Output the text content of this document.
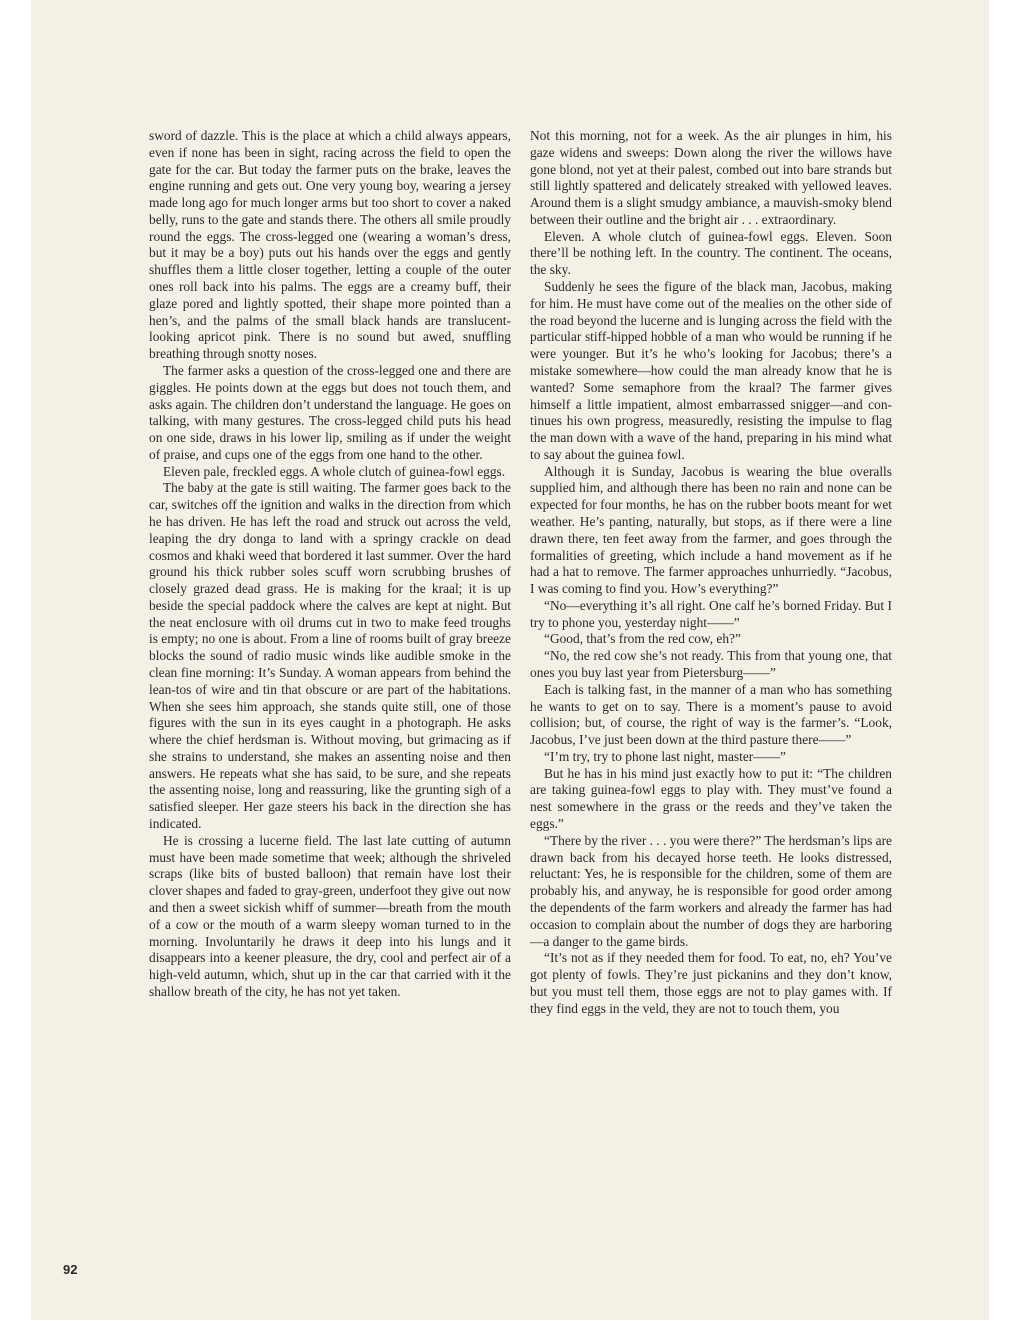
sword of dazzle. This is the place at which a child always appears, even if none has been in sight, racing across the field to open the gate for the car. But today the farmer puts on the brake, leaves the engine running and gets out. One very young boy, wearing a jersey made long ago for much longer arms but too short to cover a naked belly, runs to the gate and stands there. The others all smile proudly round the eggs. The cross-legged one (wearing a woman’s dress, but it may be a boy) puts out his hands over the eggs and gently shuffles them a little closer together, letting a couple of the outer ones roll back into his palms. The eggs are a creamy buff, their glaze pored and lightly spotted, their shape more pointed than a hen’s, and the palms of the small black hands are translucent-looking apricot pink. There is no sound but awed, snuffling breathing through snotty noses.

The farmer asks a question of the cross-legged one and there are giggles. He points down at the eggs but does not touch them, and asks again. The children don’t understand the language. He goes on talking, with many gestures. The cross-legged child puts his head on one side, draws in his lower lip, smiling as if under the weight of praise, and cups one of the eggs from one hand to the other.

Eleven pale, freckled eggs. A whole clutch of guinea-fowl eggs.

The baby at the gate is still waiting. The farmer goes back to the car, switches off the ignition and walks in the direction from which he has driven. He has left the road and struck out across the veld, leaping the dry donga to land with a springy crackle on dead cosmos and khaki weed that bordered it last summer. Over the hard ground his thick rubber soles scuff worn scrubbing brushes of closely grazed dead grass. He is making for the kraal; it is up beside the special paddock where the calves are kept at night. But the neat enclosure with oil drums cut in two to make feed troughs is empty; no one is about. From a line of rooms built of gray breeze blocks the sound of radio music winds like audible smoke in the clean fine morning: It’s Sunday. A woman appears from behind the lean-tos of wire and tin that obscure or are part of the habitations. When she sees him approach, she stands quite still, one of those figures with the sun in its eyes caught in a photograph. He asks where the chief herdsman is. Without moving, but grimacing as if she strains to understand, she makes an assenting noise and then answers. He repeats what she has said, to be sure, and she repeats the assenting noise, long and reassuring, like the grunting sigh of a satisfied sleeper. Her gaze steers his back in the direction she has indicated.

He is crossing a lucerne field. The last late cutting of autumn must have been made sometime that week; although the shriveled scraps (like bits of busted balloon) that remain have lost their clover shapes and faded to gray-green, underfoot they give out now and then a sweet sickish whiff of summer—breath from the mouth of a cow or the mouth of a warm sleepy woman turned to in the morning. Involuntarily he draws it deep into his lungs and it disappears into a keener pleasure, the dry, cool and perfect air of a high-veld autumn, which, shut up in the car that carried with it the shallow breath of the city, he has not yet taken.

Not this morning, not for a week. As the air plunges in him, his gaze widens and sweeps: Down along the river the willows have gone blond, not yet at their palest, combed out into bare strands but still lightly spattered and delicately streaked with yellowed leaves. Around them is a slight smudgy ambiance, a mauvish-smoky blend between their outline and the bright air . . . extraordinary.

Eleven. A whole clutch of guinea-fowl eggs. Eleven. Soon there’ll be nothing left. In the country. The continent. The oceans, the sky.

Suddenly he sees the figure of the black man, Jacobus, making for him. He must have come out of the mealies on the other side of the road beyond the lucerne and is lunging across the field with the particular stiff-hipped hobble of a man who would be running if he were younger. But it’s he who’s looking for Jacobus; there’s a mistake somewhere—how could the man already know that he is wanted? Some semaphore from the kraal? The farmer gives himself a little impatient, almost embarrassed snigger—and continues his own progress, measuredly, resisting the impulse to flag the man down with a wave of the hand, preparing in his mind what to say about the guinea fowl.

Although it is Sunday, Jacobus is wearing the blue overalls supplied him, and although there has been no rain and none can be expected for four months, he has on the rubber boots meant for wet weather. He’s panting, naturally, but stops, as if there were a line drawn there, ten feet away from the farmer, and goes through the formalities of greeting, which include a hand movement as if he had a hat to remove. The farmer approaches unhurriedly. “Jacobus, I was coming to find you. How’s everything?”

“No—everything it’s all right. One calf he’s borned Friday. But I try to phone you, yesterday night——”

“Good, that’s from the red cow, eh?”

“No, the red cow she’s not ready. This from that young one, that ones you buy last year from Pietersburg——”

Each is talking fast, in the manner of a man who has something he wants to get on to say. There is a moment’s pause to avoid collision; but, of course, the right of way is the farmer’s. “Look, Jacobus, I’ve just been down at the third pasture there——”

“I’m try, try to phone last night, master——”

But he has in his mind just exactly how to put it: “The children are taking guinea-fowl eggs to play with. They must’ve found a nest somewhere in the grass or the reeds and they’ve taken the eggs.”

“There by the river . . . you were there?” The herdsman’s lips are drawn back from his decayed horse teeth. He looks distressed, reluctant: Yes, he is responsible for the children, some of them are probably his, and anyway, he is responsible for good order among the dependents of the farm workers and already the farmer has had occasion to complain about the number of dogs they are harboring—a danger to the game birds.

“It’s not as if they needed them for food. To eat, no, eh? You’ve got plenty of fowls. They’re just pickanins and they don’t know, but you must tell them, those eggs are not to play games with. If they find eggs in the veld, they are not to touch them, you

92
